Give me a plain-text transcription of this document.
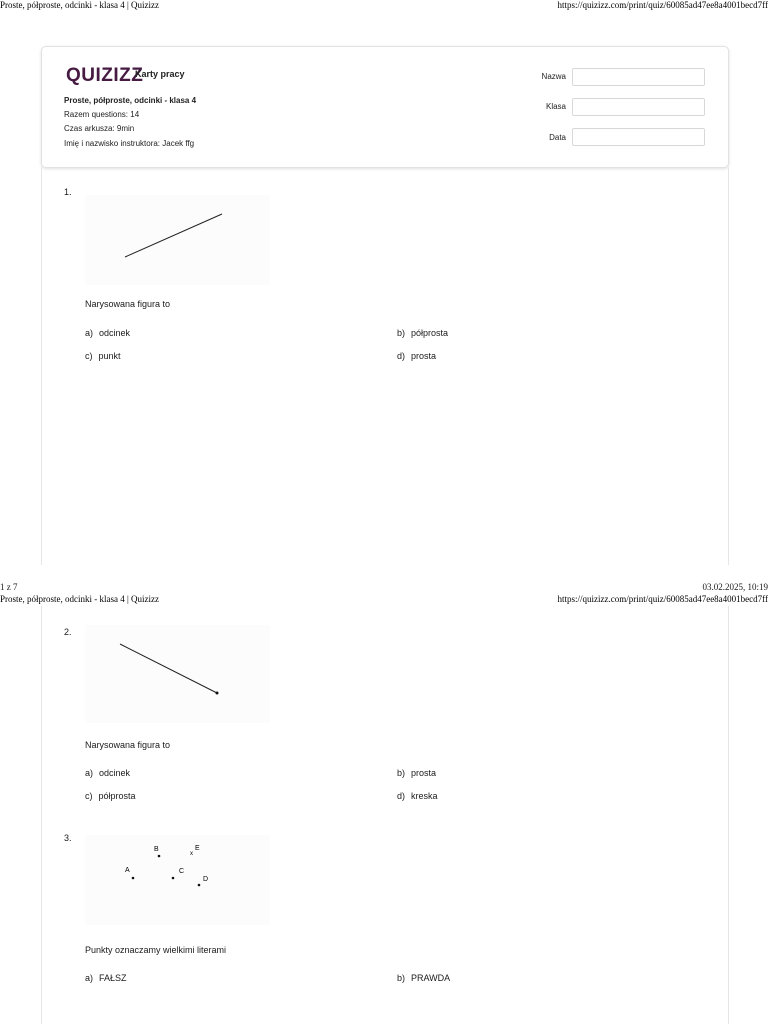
Proste, półproste, odcinki - klasa 4 | Quizizz	https://quizizz.com/print/quiz/60085ad47ee8a4001becd7ff
QUIZIZZ
Karty pracy
Proste, półproste, odcinki - klasa 4
Razem questions: 14
Czas arkusza: 9min
Imię i nazwisko instruktora: Jacek ffg
Nazwa
Klasa
Data
1.
Narysowana figura to
a) odcinek	b) półprosta
c) punkt	d) prosta
1 z 7	03.02.2025, 10:19
Proste, półproste, odcinki - klasa 4 | Quizizz	https://quizizz.com/print/quiz/60085ad47ee8a4001becd7ff
2.
Narysowana figura to
a) odcinek	b) prosta
c) półprosta	d) kreska
3.
B	E
x
A	C
D
Punkty oznaczamy wielkimi literami
a) FAŁSZ	b) PRAWDA
